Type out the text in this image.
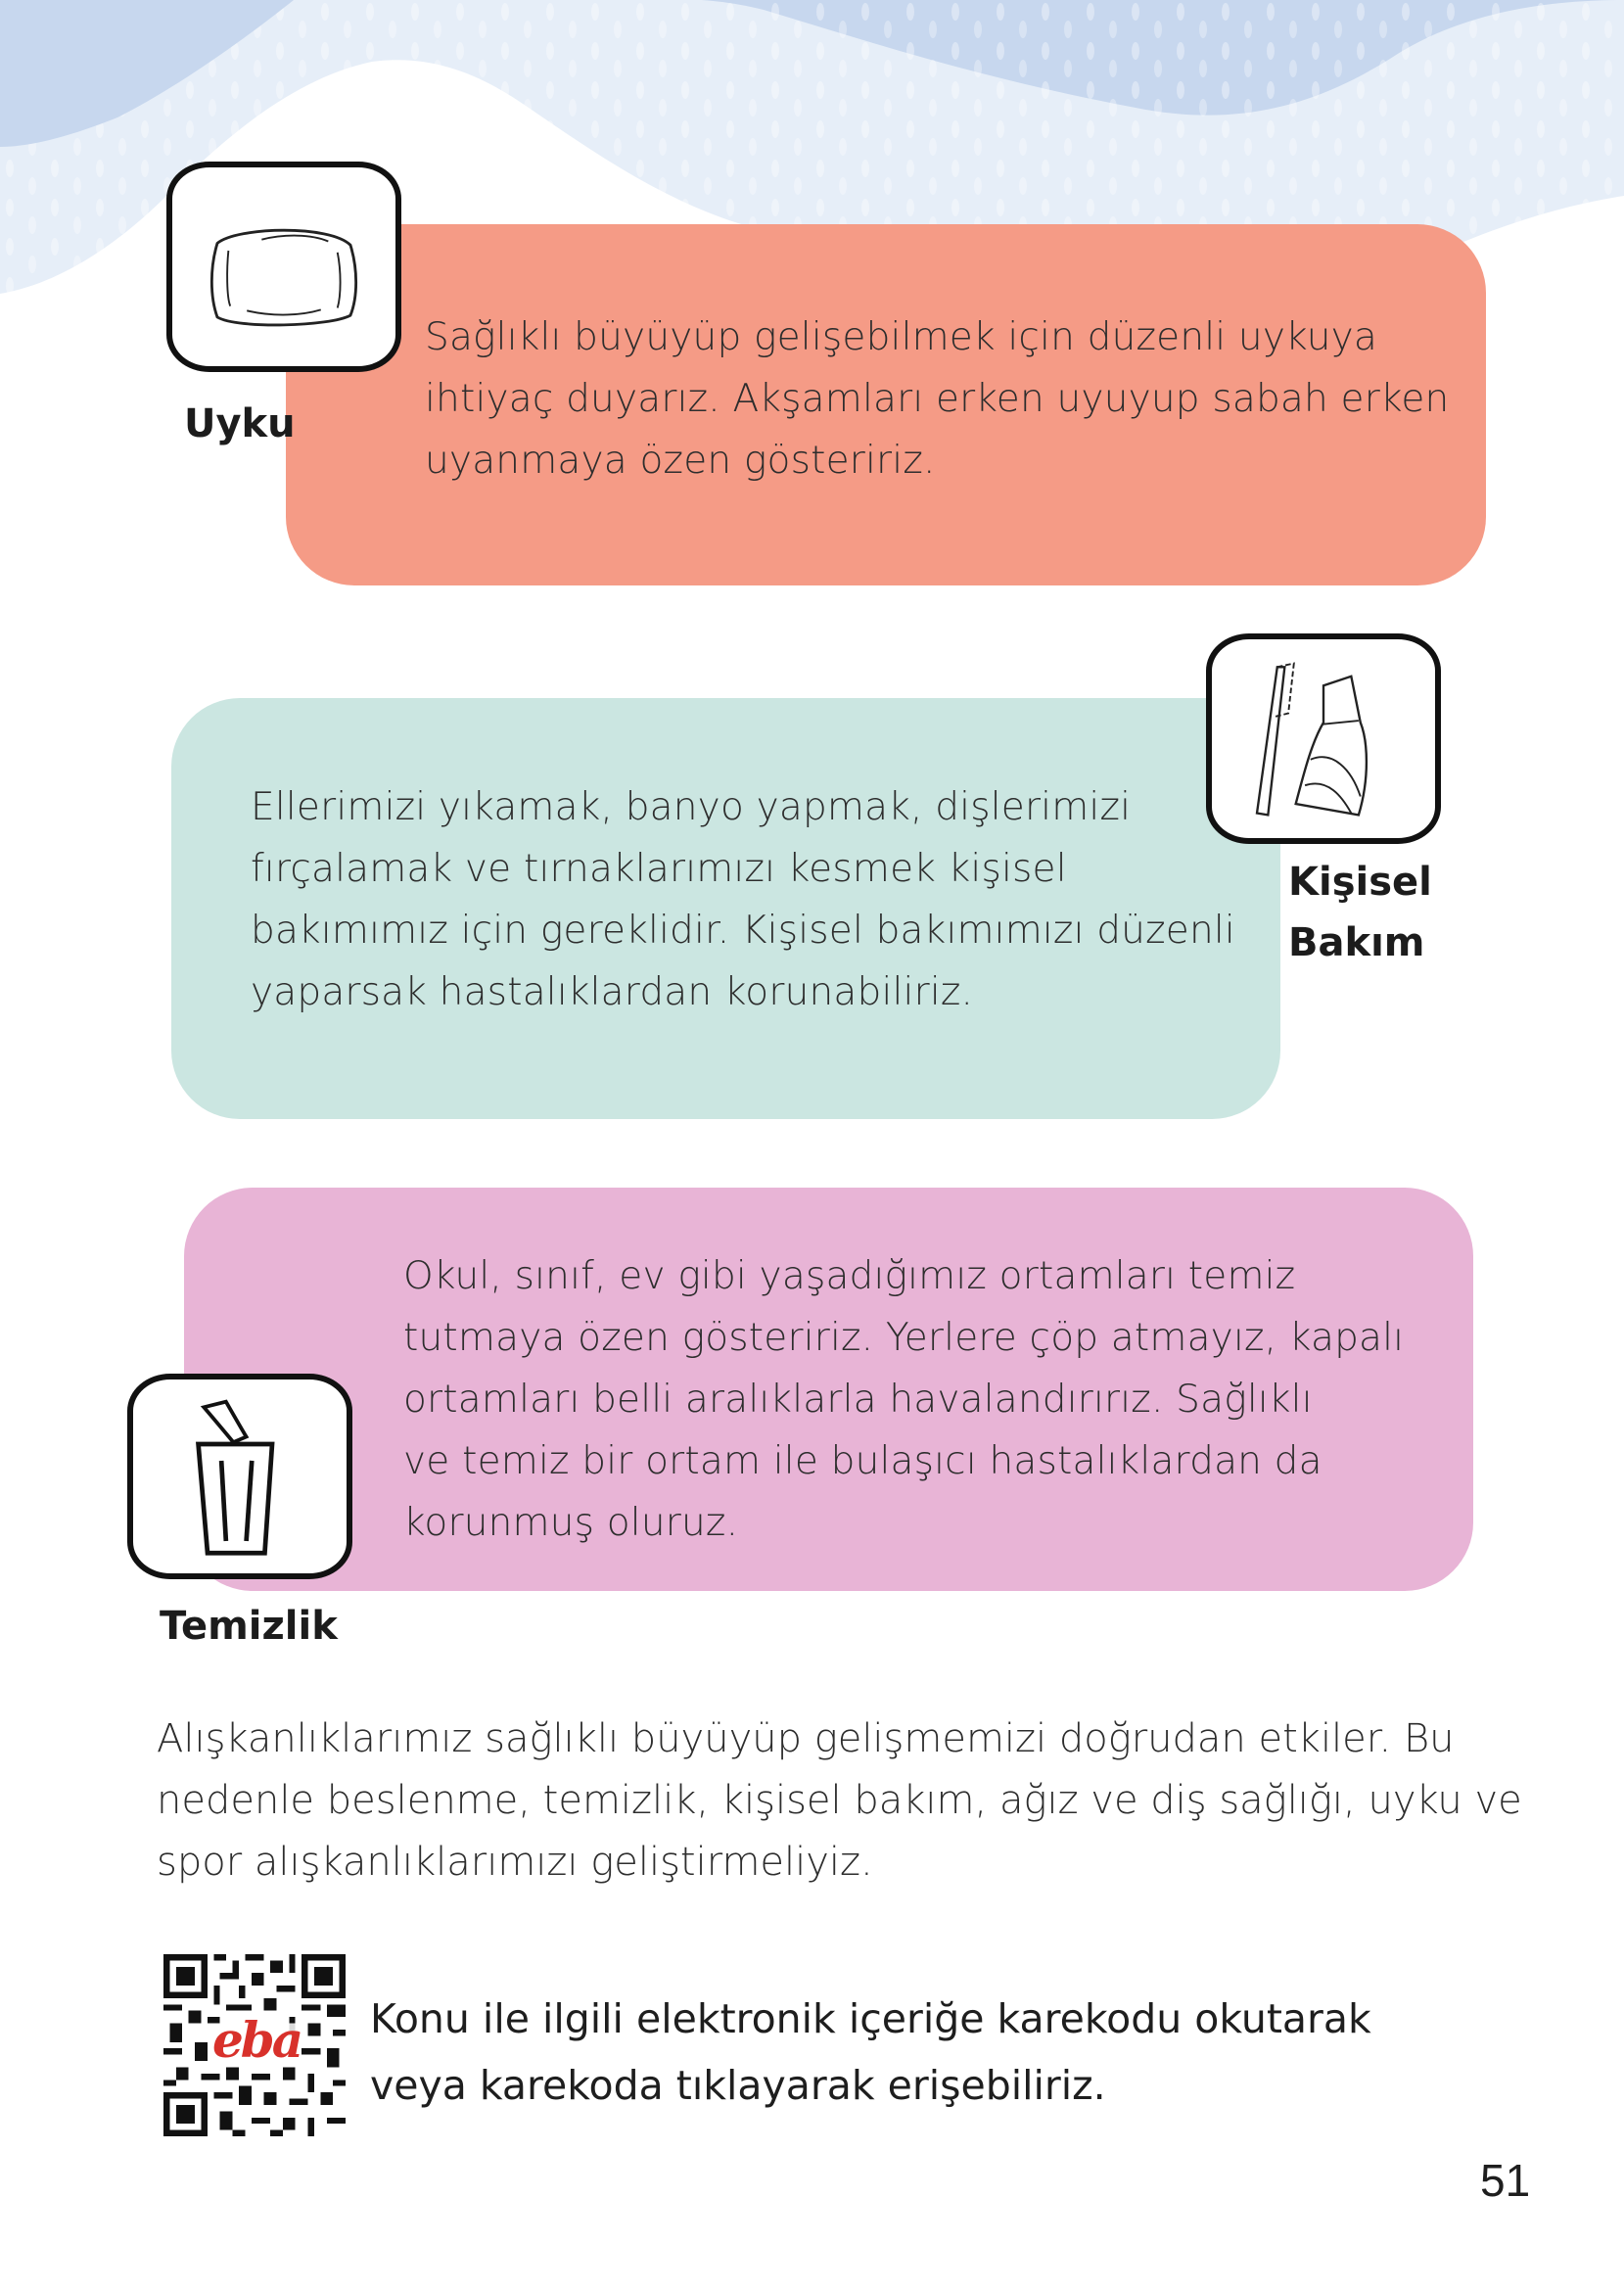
Uyku
Sağlıklı büyüyüp gelişebilmek için düzenli uykuya
ihtiyaç duyarız. Akşamları erken uyuyup sabah erken
uyanmaya özen gösteririz.
Kişisel
Bakım
Ellerimizi yıkamak, banyo yapmak, dişlerimizi
fırçalamak ve tırnaklarımızı kesmek kişisel
bakımımız için gereklidir. Kişisel bakımımızı düzenli
yaparsak hastalıklardan korunabiliriz.
Temizlik
Okul, sınıf, ev gibi yaşadığımız ortamları temiz
tutmaya özen gösteririz. Yerlere çöp atmayız, kapalı
ortamları belli aralıklarla havalandırırız. Sağlıklı
ve temiz bir ortam ile bulaşıcı hastalıklardan da
korunmuş oluruz.
Alışkanlıklarımız sağlıklı büyüyüp gelişmemizi doğrudan etkiler. Bu
nedenle beslenme, temizlik, kişisel bakım, ağız ve diş sağlığı, uyku ve
spor alışkanlıklarımızı geliştirmeliyiz.
eba Konu ile ilgili elektronik içeriğe karekodu okutarak
veya karekoda tıklayarak erişebiliriz.
51
